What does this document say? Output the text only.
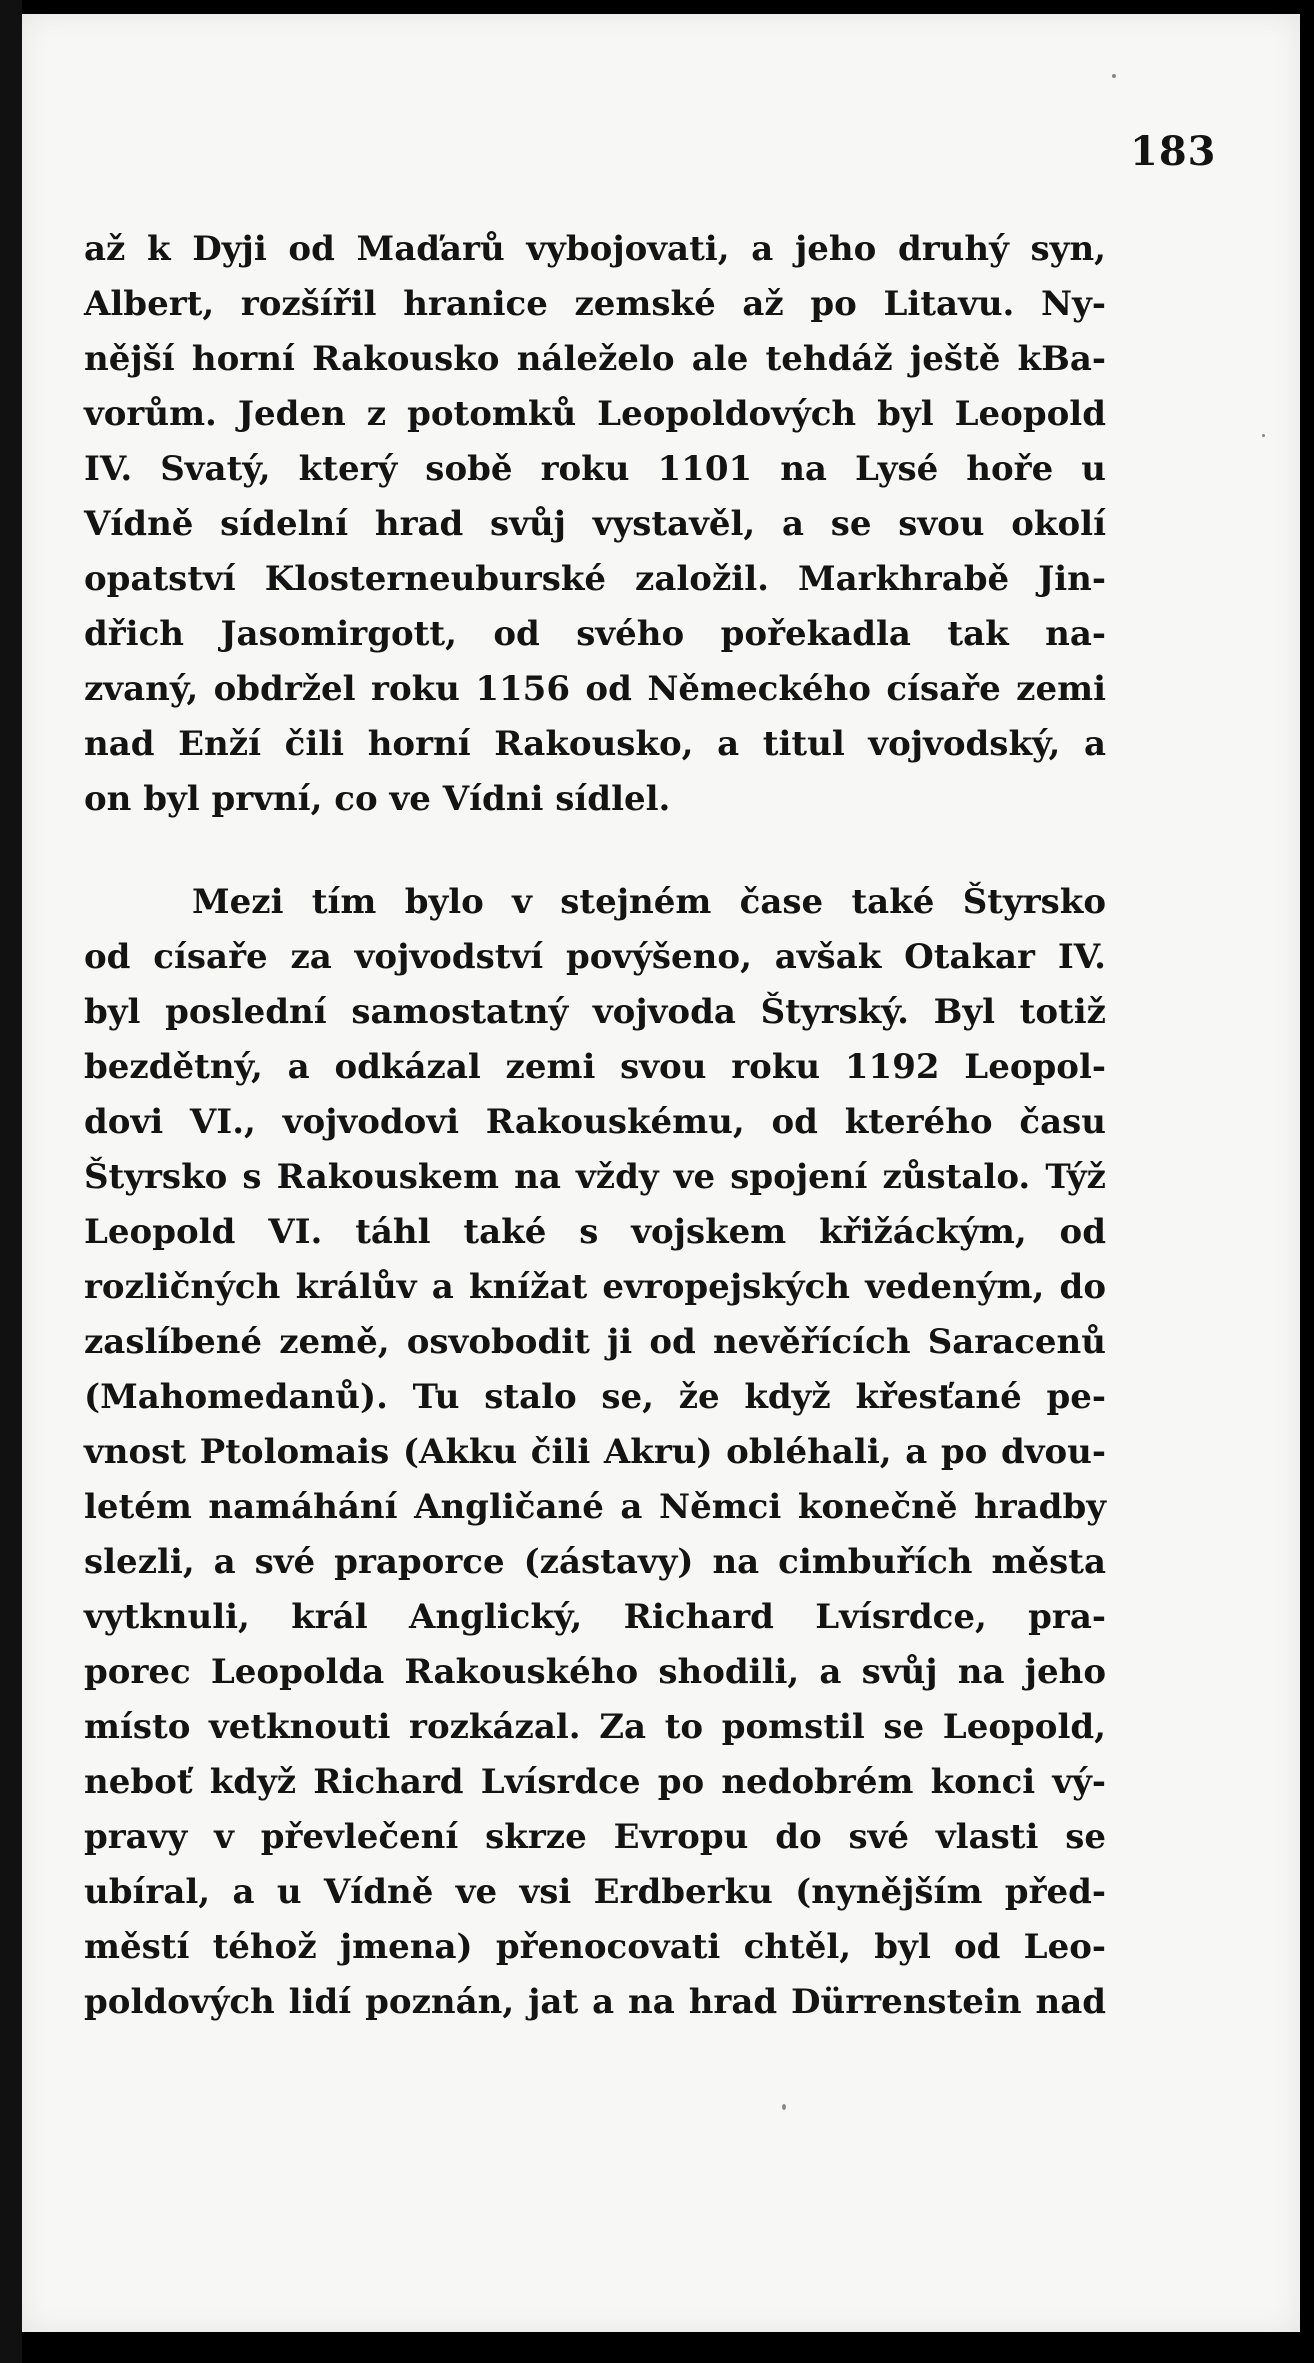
183
až k Dyji od Maďarů vybojovati, a jeho druhý syn,
Albert, rozšířil hranice zemské až po Litavu. Ny-
nější horní Rakousko náleželo ale tehdáž ještě kBa-
vorům. Jeden z potomků Leopoldových byl Leopold
IV. Svatý, který sobě roku 1101 na Lysé hoře u
Vídně sídelní hrad svůj vystavěl, a se svou okolí
opatství Klosterneuburské založil. Markhrabě Jin-
dřich Jasomirgott, od svého pořekadla tak na-
zvaný, obdržel roku 1156 od Německého císaře zemi
nad Enží čili horní Rakousko, a titul vojvodský, a
on byl první, co ve Vídni sídlel.
Mezi tím bylo v stejném čase také Štyrsko
od císaře za vojvodství povýšeno, avšak Otakar IV.
byl poslední samostatný vojvoda Štyrský. Byl totiž
bezdětný, a odkázal zemi svou roku 1192 Leopol-
dovi VI., vojvodovi Rakouskému, od kterého času
Štyrsko s Rakouskem na vždy ve spojení zůstalo. Týž
Leopold VI. táhl také s vojskem křižáckým, od
rozličných králův a knížat evropejských vedeným, do
zaslíbené země, osvobodit ji od nevěřících Saracenů
(Mahomedanů). Tu stalo se, že když křesťané pe-
vnost Ptolomais (Akku čili Akru) obléhali, a po dvou-
letém namáhání Angličané a Němci konečně hradby
slezli, a své praporce (zástavy) na cimbuřích města
vytknuli, král Anglický, Richard Lvísrdce, pra-
porec Leopolda Rakouského shodili, a svůj na jeho
místo vetknouti rozkázal. Za to pomstil se Leopold,
neboť když Richard Lvísrdce po nedobrém konci vý-
pravy v převlečení skrze Evropu do své vlasti se
ubíral, a u Vídně ve vsi Erdberku (nynějším před-
městí téhož jmena) přenocovati chtěl, byl od Leo-
poldových lidí poznán, jat a na hrad Dürrenstein nad
